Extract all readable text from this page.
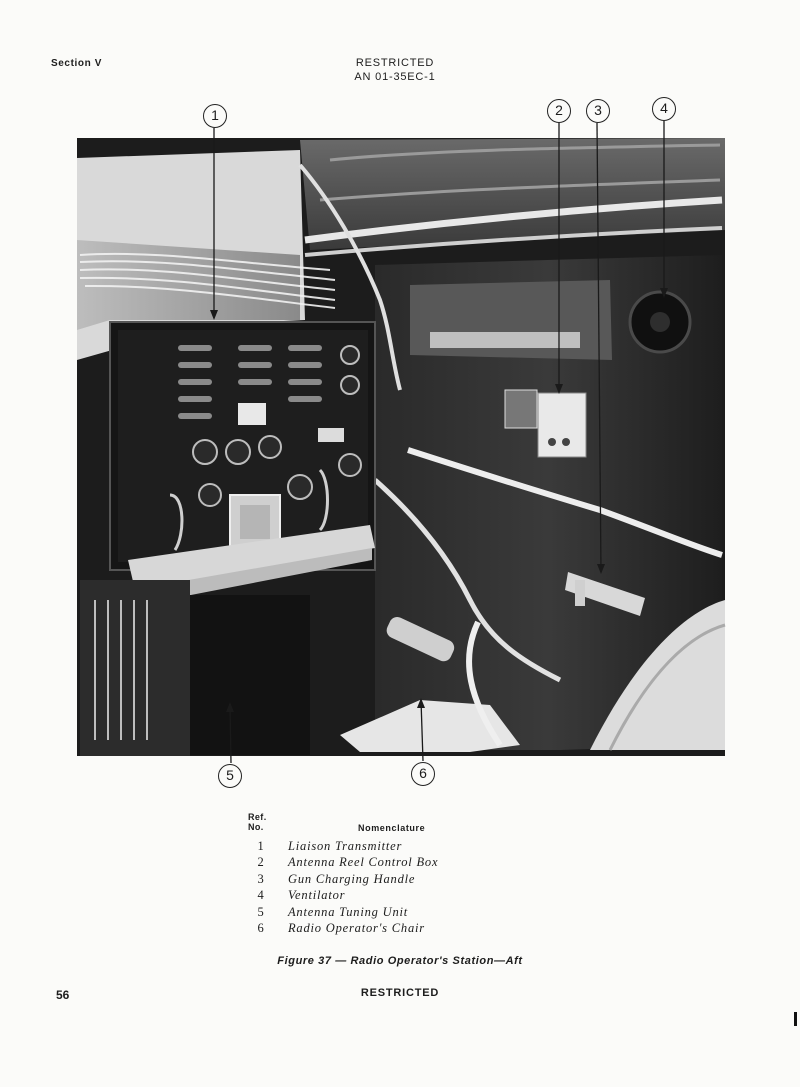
Section V	RESTRICTED
AN 01-35EC-1
1	2	3	4
5	6
Ref.
No.	Nomenclature
1 Liaison Transmitter
2 Antenna Reel Control Box
3 Gun Charging Handle
4 Ventilator
5 Antenna Tuning Unit
6 Radio Operator's Chair
Figure 37 — Radio Operator's Station—Aft
56	RESTRICTED
